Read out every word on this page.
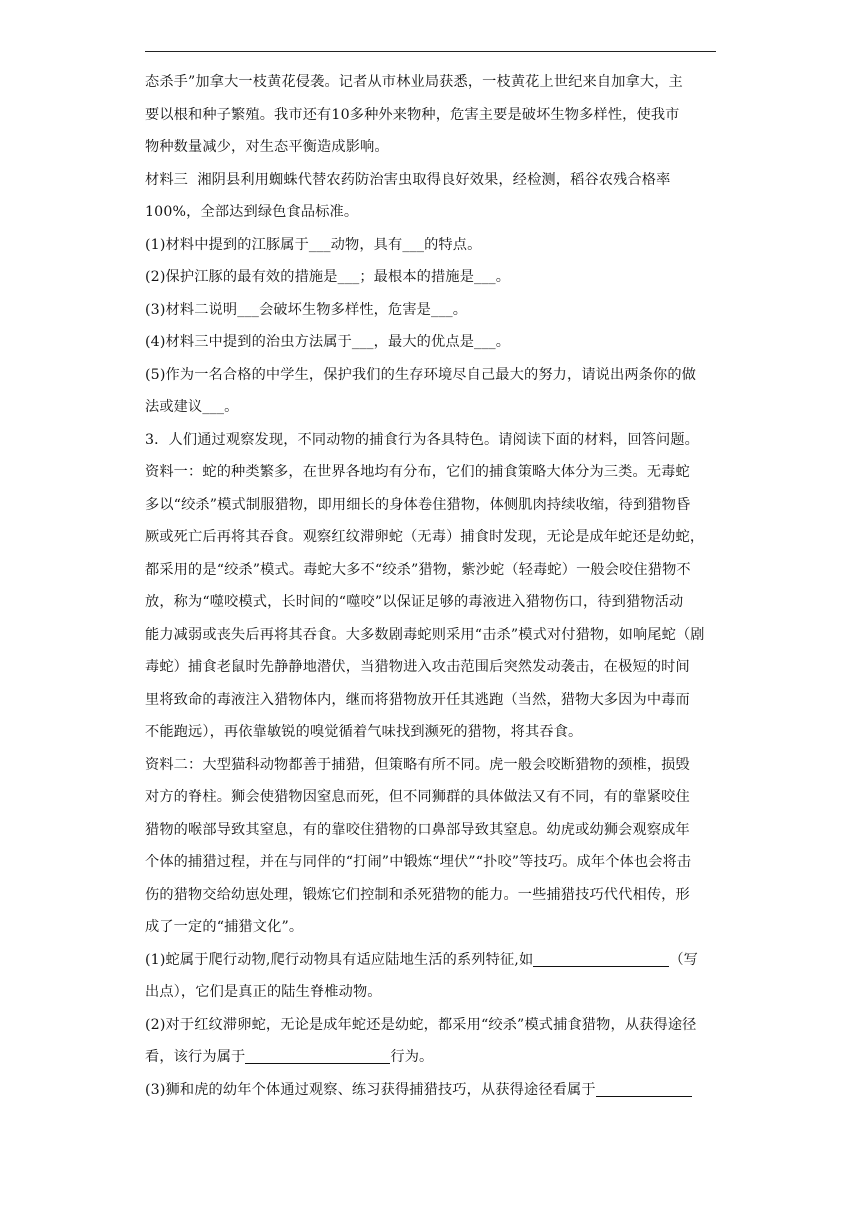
态杀手”加拿大一枝黄花侵袭。记者从市林业局获悉，一枝黄花上世纪来自加拿大，主
要以根和种子繁殖。我市还有10多种外来物种，危害主要是破坏生物多样性，使我市
物种数量减少，对生态平衡造成影响。
材料三  湘阴县利用蜘蛛代替农药防治害虫取得良好效果，经检测，稻谷农残合格率
100%，全部达到绿色食品标准。
(1)材料中提到的江豚属于___动物，具有___的特点。
(2)保护江豚的最有效的措施是___；最根本的措施是___。
(3)材料二说明___会破坏生物多样性，危害是___。
(4)材料三中提到的治虫方法属于___，最大的优点是___。
(5)作为一名合格的中学生，保护我们的生存环境尽自己最大的努力，请说出两条你的做
法或建议___。
3．人们通过观察发现，不同动物的捕食行为各具特色。请阅读下面的材料，回答问题。
资料一：蛇的种类繁多，在世界各地均有分布，它们的捕食策略大体分为三类。无毒蛇
多以“绞杀”模式制服猎物，即用细长的身体卷住猎物，体侧肌肉持续收缩，待到猎物昏
厥或死亡后再将其吞食。观察红纹滞卵蛇（无毒）捕食时发现，无论是成年蛇还是幼蛇，
都采用的是“绞杀”模式。毒蛇大多不“绞杀”猎物，紫沙蛇（轻毒蛇）一般会咬住猎物不
放，称为“噬咬模式，长时间的“噬咬”以保证足够的毒液进入猎物伤口，待到猎物活动
能力减弱或丧失后再将其吞食。大多数剧毒蛇则采用“击杀”模式对付猎物，如响尾蛇（剧
毒蛇）捕食老鼠时先静静地潜伏，当猎物进入攻击范围后突然发动袭击，在极短的时间
里将致命的毒液注入猎物体内，继而将猎物放开任其逃跑（当然，猎物大多因为中毒而
不能跑远），再依靠敏锐的嗅觉循着气味找到濒死的猎物，将其吞食。
资料二：大型猫科动物都善于捕猎，但策略有所不同。虎一般会咬断猎物的颈椎，损毁
对方的脊柱。狮会使猎物因窒息而死，但不同狮群的具体做法又有不同，有的靠紧咬住
猎物的喉部导致其窒息，有的靠咬住猎物的口鼻部导致其窒息。幼虎或幼狮会观察成年
个体的捕猎过程，并在与同伴的“打闹”中锻炼“埋伏”“扑咬”等技巧。成年个体也会将击
伤的猎物交给幼崽处理，锻炼它们控制和杀死猎物的能力。一些捕猎技巧代代相传，形
成了一定的“捕猎文化”。
(1)蛇属于爬行动物,爬行动物具有适应陆地生活的系列特征,如	（写
出点），它们是真正的陆生脊椎动物。
(2)对于红纹滞卵蛇，无论是成年蛇还是幼蛇，都采用“绞杀”模式捕食猎物，从获得途径
看，该行为属于	行为。
(3)狮和虎的幼年个体通过观察、练习获得捕猎技巧，从获得途径看属于
